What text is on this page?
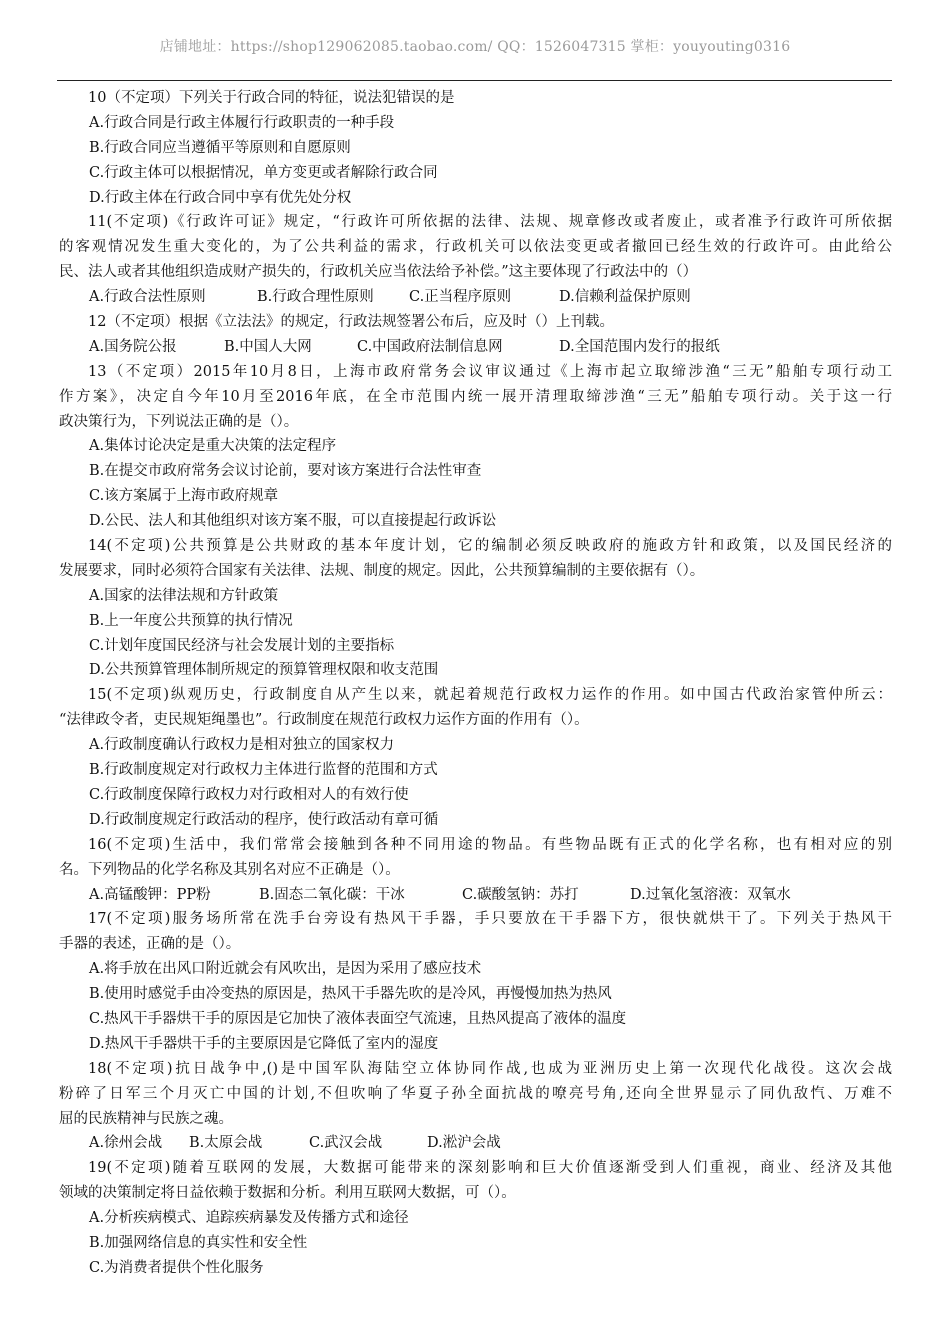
店铺地址：https://shop129062085.taobao.com/ QQ：1526047315 掌柜：youyouting0316
10（不定项）下列关于行政合同的特征，说法犯错误的是
A.行政合同是行政主体履行行政职责的一种手段
B.行政合同应当遵循平等原则和自愿原则
C.行政主体可以根据情况，单方变更或者解除行政合同
D.行政主体在行政合同中享有优先处分权
11(不定项)《行政许可证》规定，“行政许可所依据的法律、法规、规章修改或者废止，或者准予行政许可所依据
的客观情况发生重大变化的，为了公共利益的需求，行政机关可以依法变更或者撤回已经生效的行政许可。由此给公
民、法人或者其他组织造成财产损失的，行政机关应当依法给予补偿。”这主要体现了行政法中的（）
A.行政合法性原则	B.行政合理性原则	C.正当程序原则	D.信赖利益保护原则
12（不定项）根据《立法法》的规定，行政法规签署公布后，应及时（）上刊载。
A.国务院公报	B.中国人大网	C.中国政府法制信息网	D.全国范围内发行的报纸
13（不定项）2015年10月8日，上海市政府常务会议审议通过《上海市起立取缔涉渔“三无”船舶专项行动工
作方案》，决定自今年10月至2016年底，在全市范围内统一展开清理取缔涉渔“三无”船舶专项行动。关于这一行
政决策行为，下列说法正确的是（）。
A.集体讨论决定是重大决策的法定程序
B.在提交市政府常务会议讨论前，要对该方案进行合法性审查
C.该方案属于上海市政府规章
D.公民、法人和其他组织对该方案不服，可以直接提起行政诉讼
14(不定项)公共预算是公共财政的基本年度计划，它的编制必须反映政府的施政方针和政策，以及国民经济的
发展要求，同时必须符合国家有关法律、法规、制度的规定。因此，公共预算编制的主要依据有（）。
A.国家的法律法规和方针政策
B.上一年度公共预算的执行情况
C.计划年度国民经济与社会发展计划的主要指标
D.公共预算管理体制所规定的预算管理权限和收支范围
15(不定项)纵观历史，行政制度自从产生以来，就起着规范行政权力运作的作用。如中国古代政治家管仲所云：
“法律政令者，吏民规矩绳墨也”。行政制度在规范行政权力运作方面的作用有（）。
A.行政制度确认行政权力是相对独立的国家权力
B.行政制度规定对行政权力主体进行监督的范围和方式
C.行政制度保障行政权力对行政相对人的有效行使
D.行政制度规定行政活动的程序，使行政活动有章可循
16(不定项)生活中，我们常常会接触到各种不同用途的物品。有些物品既有正式的化学名称，也有相对应的别
名。下列物品的化学名称及其别名对应不正确是（）。
A.高锰酸钾：PP粉	B.固态二氧化碳：干冰	C.碳酸氢钠：苏打	D.过氧化氢溶液：双氧水
17(不定项)服务场所常在洗手台旁设有热风干手器，手只要放在干手器下方，很快就烘干了。下列关于热风干
手器的表述，正确的是（）。
A.将手放在出风口附近就会有风吹出，是因为采用了感应技术
B.使用时感觉手由冷变热的原因是，热风干手器先吹的是冷风，再慢慢加热为热风
C.热风干手器烘干手的原因是它加快了液体表面空气流速，且热风提高了液体的温度
D.热风干手器烘干手的主要原因是它降低了室内的湿度
18(不定项)抗日战争中,()是中国军队海陆空立体协同作战,也成为亚洲历史上第一次现代化战役。这次会战
粉碎了日军三个月灭亡中国的计划,不但吹响了华夏子孙全面抗战的嘹亮号角,还向全世界显示了同仇敌忾、万难不
屈的民族精神与民族之魂。
A.徐州会战	B.太原会战	C.武汉会战	D.淞沪会战
19(不定项)随着互联网的发展，大数据可能带来的深刻影响和巨大价值逐渐受到人们重视，商业、经济及其他
领域的决策制定将日益依赖于数据和分析。利用互联网大数据，可（）。
A.分析疾病模式、追踪疾病暴发及传播方式和途径
B.加强网络信息的真实性和安全性
C.为消费者提供个性化服务
